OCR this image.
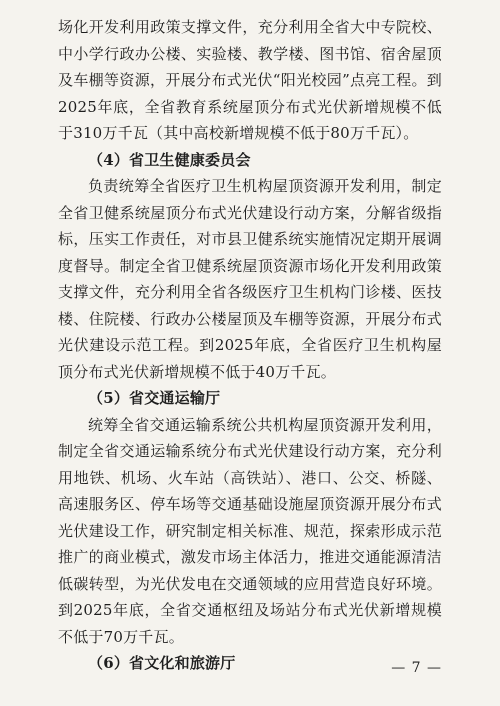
场化开发利用政策支撑文件，充分利用全省大中专院校、中小学行政办公楼、实验楼、教学楼、图书馆、宿舍屋顶及车棚等资源，开展分布式光伏“阳光校园”点亮工程。到2025年底，全省教育系统屋顶分布式光伏新增规模不低于310万千瓦（其中高校新增规模不低于80万千瓦）。

（4）省卫生健康委员会

负责统筹全省医疗卫生机构屋顶资源开发利用，制定全省卫健系统屋顶分布式光伏建设行动方案，分解省级指标，压实工作责任，对市县卫健系统实施情况定期开展调度督导。制定全省卫健系统屋顶资源市场化开发利用政策支撑文件，充分利用全省各级医疗卫生机构门诊楼、医技楼、住院楼、行政办公楼屋顶及车棚等资源，开展分布式光伏建设示范工程。到2025年底，全省医疗卫生机构屋顶分布式光伏新增规模不低于40万千瓦。

（5）省交通运输厅

统筹全省交通运输系统公共机构屋顶资源开发利用，制定全省交通运输系统分布式光伏建设行动方案，充分利用地铁、机场、火车站（高铁站）、港口、公交、桥隧、高速服务区、停车场等交通基础设施屋顶资源开展分布式光伏建设工作，研究制定相关标准、规范，探索形成示范推广的商业模式，激发市场主体活力，推进交通能源清洁低碳转型，为光伏发电在交通领域的应用营造良好环境。到2025年底，全省交通枢纽及场站分布式光伏新增规模不低于70万千瓦。

（6）省文化和旅游厅	— 7 —
